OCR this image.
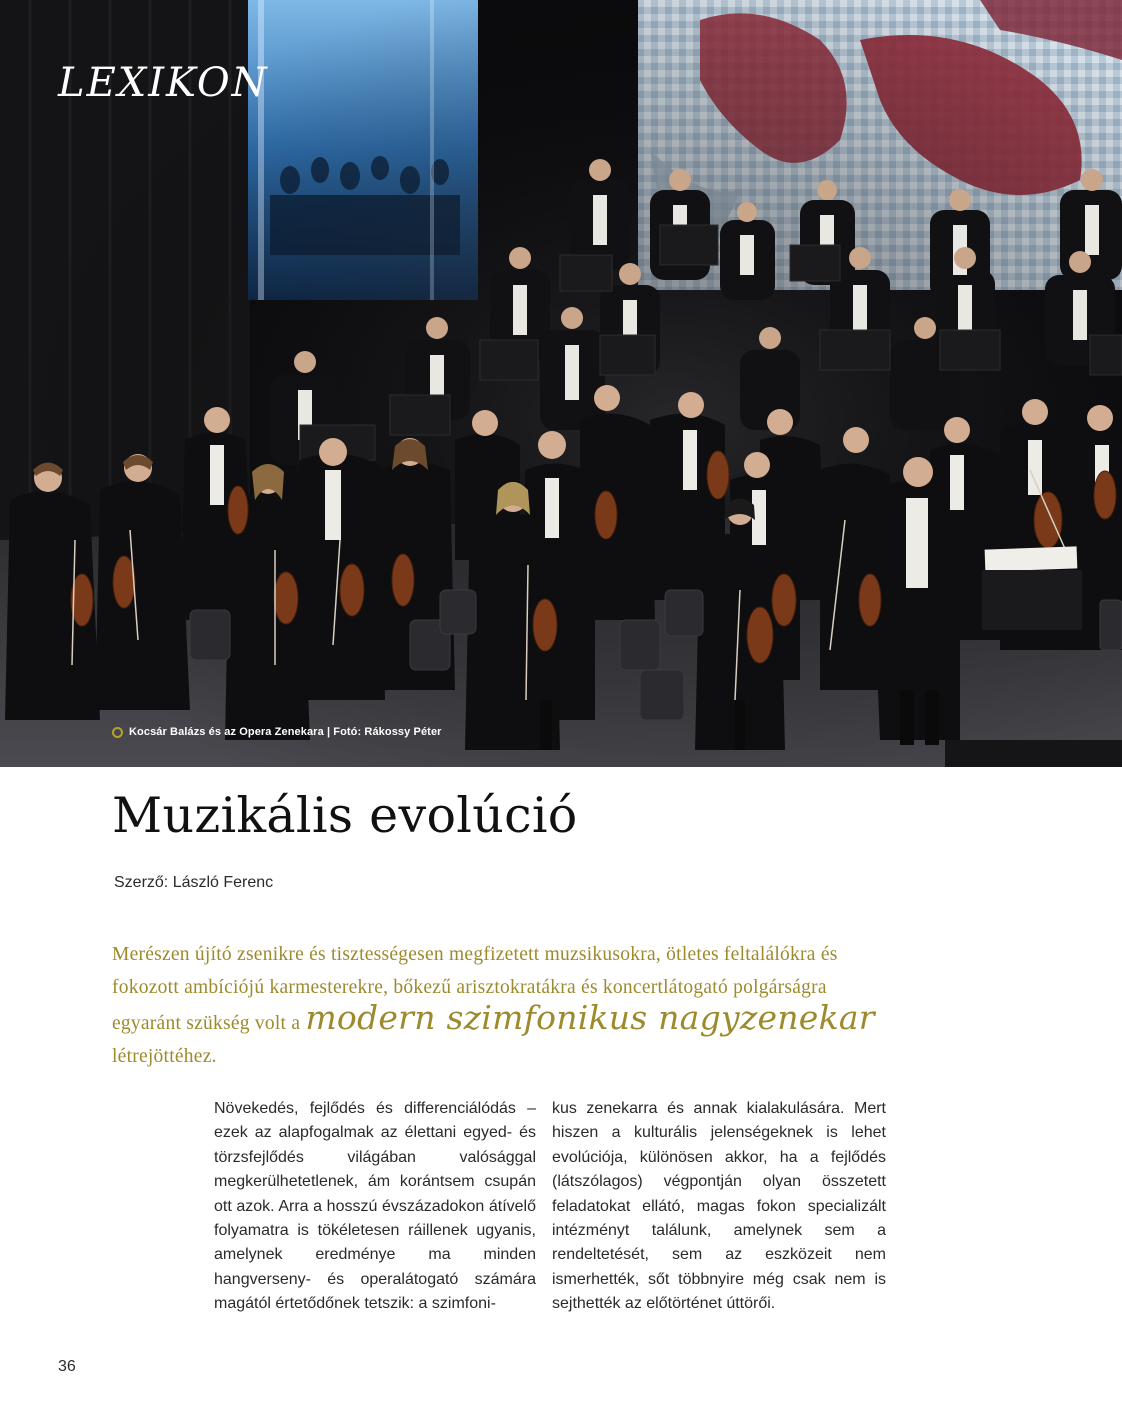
LEXIKON
Kocsár Balázs és az Opera Zenekara | Fotó: Rákossy Péter
Muzikális evolúció
Szerző: László Ferenc

Merészen újító zsenikre és tisztességesen megfizetett muzsikusokra, ötletes feltalálókra és fokozott ambíciójú karmesterekre, bőkezű arisztokratákra és koncertlátogató polgárságra egyaránt szükség volt a modern szimfonikus nagyzenekar létrejöttéhez.

Növekedés, fejlődés és differenciálódás – ezek az alapfogalmak az élettani egyed- és törzsfejlődés világában valósággal megkerülhetetlenek, ám korántsem csupán ott azok. Arra a hosszú évszázadokon átívelő folyamatra is tökéletesen ráillenek ugyanis, amelynek eredménye ma minden hangverseny- és operalátogató számára magától értetődőnek tetszik: a szimfoni-

kus zenekarra és annak kialakulására. Mert hiszen a kulturális jelenségeknek is lehet evolúciója, különösen akkor, ha a fejlődés (látszólagos) végpontján olyan összetett feladatokat ellátó, magas fokon specializált intézményt találunk, amelynek sem a rendeltetését, sem az eszközeit nem ismerhették, sőt többnyire még csak nem is sejthették az előtörténet úttörői.

36
